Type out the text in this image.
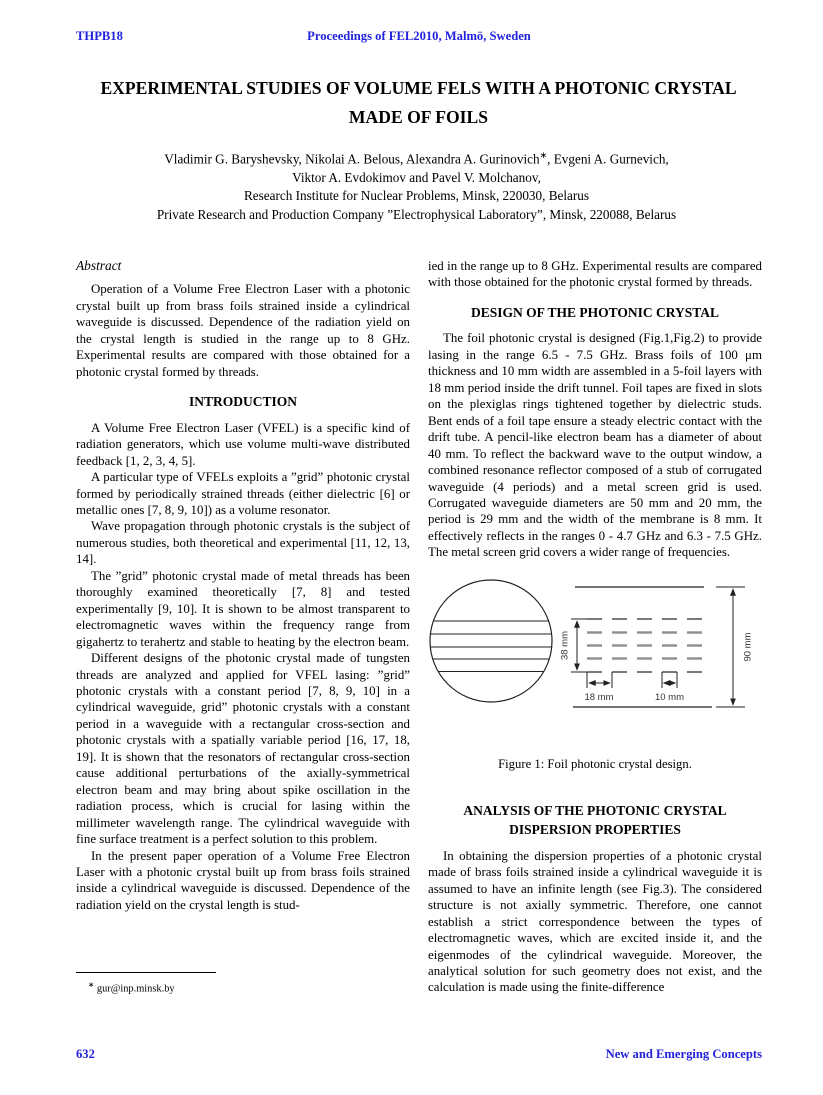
THPB18	Proceedings of FEL2010, Malmö, Sweden
EXPERIMENTAL STUDIES OF VOLUME FELS WITH A PHOTONIC CRYSTAL MADE OF FOILS
Vladimir G. Baryshevsky, Nikolai A. Belous, Alexandra A. Gurinovich∗, Evgeni A. Gurnevich,
Viktor A. Evdokimov and Pavel V. Molchanov,
Research Institute for Nuclear Problems, Minsk, 220030, Belarus
Private Research and Production Company ”Electrophysical Laboratory”, Minsk, 220088, Belarus
Abstract

Operation of a Volume Free Electron Laser with a photonic crystal built up from brass foils strained inside a cylindrical waveguide is discussed. Dependence of the radiation yield on the crystal length is studied in the range up to 8 GHz. Experimental results are compared with those obtained for a photonic crystal formed by threads.

INTRODUCTION

A Volume Free Electron Laser (VFEL) is a specific kind of radiation generators, which use volume multi-wave distributed feedback [1, 2, 3, 4, 5].

A particular type of VFELs exploits a ”grid” photonic crystal formed by periodically strained threads (either dielectric [6] or metallic ones [7, 8, 9, 10]) as a volume resonator.

Wave propagation through photonic crystals is the subject of numerous studies, both theoretical and experimental [11, 12, 13, 14].

The ”grid” photonic crystal made of metal threads has been thoroughly examined theoretically [7, 8] and tested experimentally [9, 10]. It is shown to be almost transparent to electromagnetic waves within the frequency range from gigahertz to terahertz and stable to heating by the electron beam.

Different designs of the photonic crystal made of tungsten threads are analyzed and applied for VFEL lasing: ”grid” photonic crystals with a constant period [7, 8, 9, 10] in a cylindrical waveguide, grid” photonic crystals with a constant period in a waveguide with a rectangular cross-section and photonic crystals with a spatially variable period [16, 17, 18, 19]. It is shown that the resonators of rectangular cross-section cause additional perturbations of the axially-symmetrical electron beam and may bring about spike oscillation in the radiation process, which is crucial for lasing within the millimeter wavelength range. The cylindrical waveguide with fine surface treatment is a perfect solution to this problem.

In the present paper operation of a Volume Free Electron Laser with a photonic crystal built up from brass foils strained inside a cylindrical waveguide is discussed. Dependence of the radiation yield on the crystal length is stud-

∗ gur@inp.minsk.by

ied in the range up to 8 GHz. Experimental results are compared with those obtained for the photonic crystal formed by threads.

DESIGN OF THE PHOTONIC CRYSTAL

The foil photonic crystal is designed (Fig.1,Fig.2) to provide lasing in the range 6.5 - 7.5 GHz. Brass foils of 100 μm thickness and 10 mm width are assembled in a 5-foil layers with 18 mm period inside the drift tunnel. Foil tapes are fixed in slots on the plexiglas rings tightened together by dielectric studs. Bent ends of a foil tape ensure a steady electric contact with the drift tube. A pencil-like electron beam has a diameter of about 40 mm. To reflect the backward wave to the output window, a combined resonance reflector composed of a stub of corrugated waveguide (4 periods) and a metal screen grid is used. Corrugated waveguide diameters are 50 mm and 20 mm, the period is 29 mm and the width of the membrane is 8 mm. It effectively reflects in the ranges 0 - 4.7 GHz and 6.3 - 7.5 GHz. The metal screen grid covers a wider range of frequencies.

38 mm	90 mm
18 mm	10 mm
Figure 1: Foil photonic crystal design.
ANALYSIS OF THE PHOTONIC CRYSTAL DISPERSION PROPERTIES

In obtaining the dispersion properties of a photonic crystal made of brass foils strained inside a cylindrical waveguide it is assumed to have an infinite length (see Fig.3). The considered structure is not axially symmetric. Therefore, one cannot establish a strict correspondence between the types of electromagnetic waves, which are excited inside it, and the eigenmodes of the cylindrical waveguide. Moreover, the analytical solution for such geometry does not exist, and the calculation is made using the finite-difference

632	New and Emerging Concepts
